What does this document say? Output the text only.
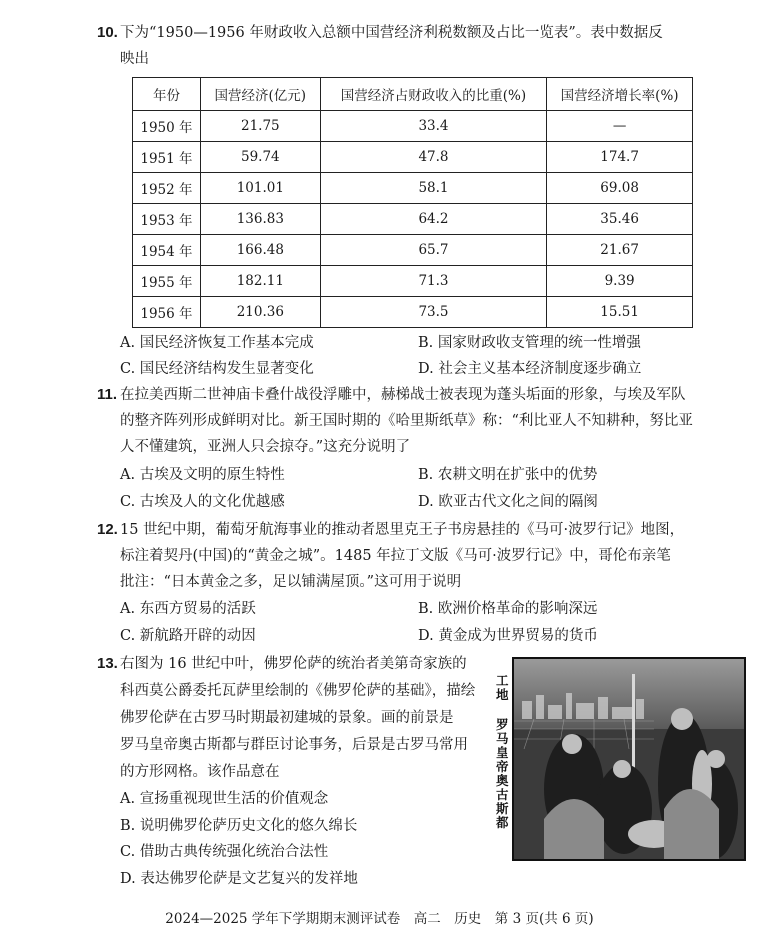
10. 下为“1950—1956 年财政收入总额中国营经济利税数额及占比一览表”。表中数据反
映出
年份	国营经济(亿元)	国营经济占财政收入的比重(%)	国营经济增长率(%)
1950 年	21.75	33.4	—
1951 年	59.74	47.8	174.7
1952 年	101.01	58.1	69.08
1953 年	136.83	64.2	35.46
1954 年	166.48	65.7	21.67
1955 年	182.11	71.3	9.39
1956 年	210.36	73.5	15.51
A. 国民经济恢复工作基本完成	B. 国家财政收支管理的统一性增强
C. 国民经济结构发生显著变化	D. 社会主义基本经济制度逐步确立
11. 在拉美西斯二世神庙卡叠什战役浮雕中，赫梯战士被表现为蓬头垢面的形象，与埃及军队
的整齐阵列形成鲜明对比。新王国时期的《哈里斯纸草》称：“利比亚人不知耕种，努比亚
人不懂建筑，亚洲人只会掠夺。”这充分说明了
A. 古埃及文明的原生特性	B. 农耕文明在扩张中的优势
C. 古埃及人的文化优越感	D. 欧亚古代文化之间的隔阂
12. 15 世纪中期，葡萄牙航海事业的推动者恩里克王子书房悬挂的《马可·波罗行记》地图，
标注着契丹(中国)的“黄金之城”。1485 年拉丁文版《马可·波罗行记》中，哥伦布亲笔
批注：“日本黄金之多，足以铺满屋顶。”这可用于说明
A. 东西方贸易的活跃	B. 欧洲价格革命的影响深远
C. 新航路开辟的动因	D. 黄金成为世界贸易的货币
13. 右图为 16 世纪中叶，佛罗伦萨的统治者美第奇家族的
科西莫公爵委托瓦萨里绘制的《佛罗伦萨的基础》，描绘
佛罗伦萨在古罗马时期最初建城的景象。画的前景是
罗马皇帝奥古斯都与群臣讨论事务，后景是古罗马常用
的方形网格。该作品意在
A. 宣扬重视现世生活的价值观念
B. 说明佛罗伦萨历史文化的悠久绵长
C. 借助古典传统强化统治合法性
D. 表达佛罗伦萨是文艺复兴的发祥地
工地
罗马皇帝奥古斯都
2024—2025 学年下学期期末测评试卷　高二　历史　第 3 页(共 6 页)
